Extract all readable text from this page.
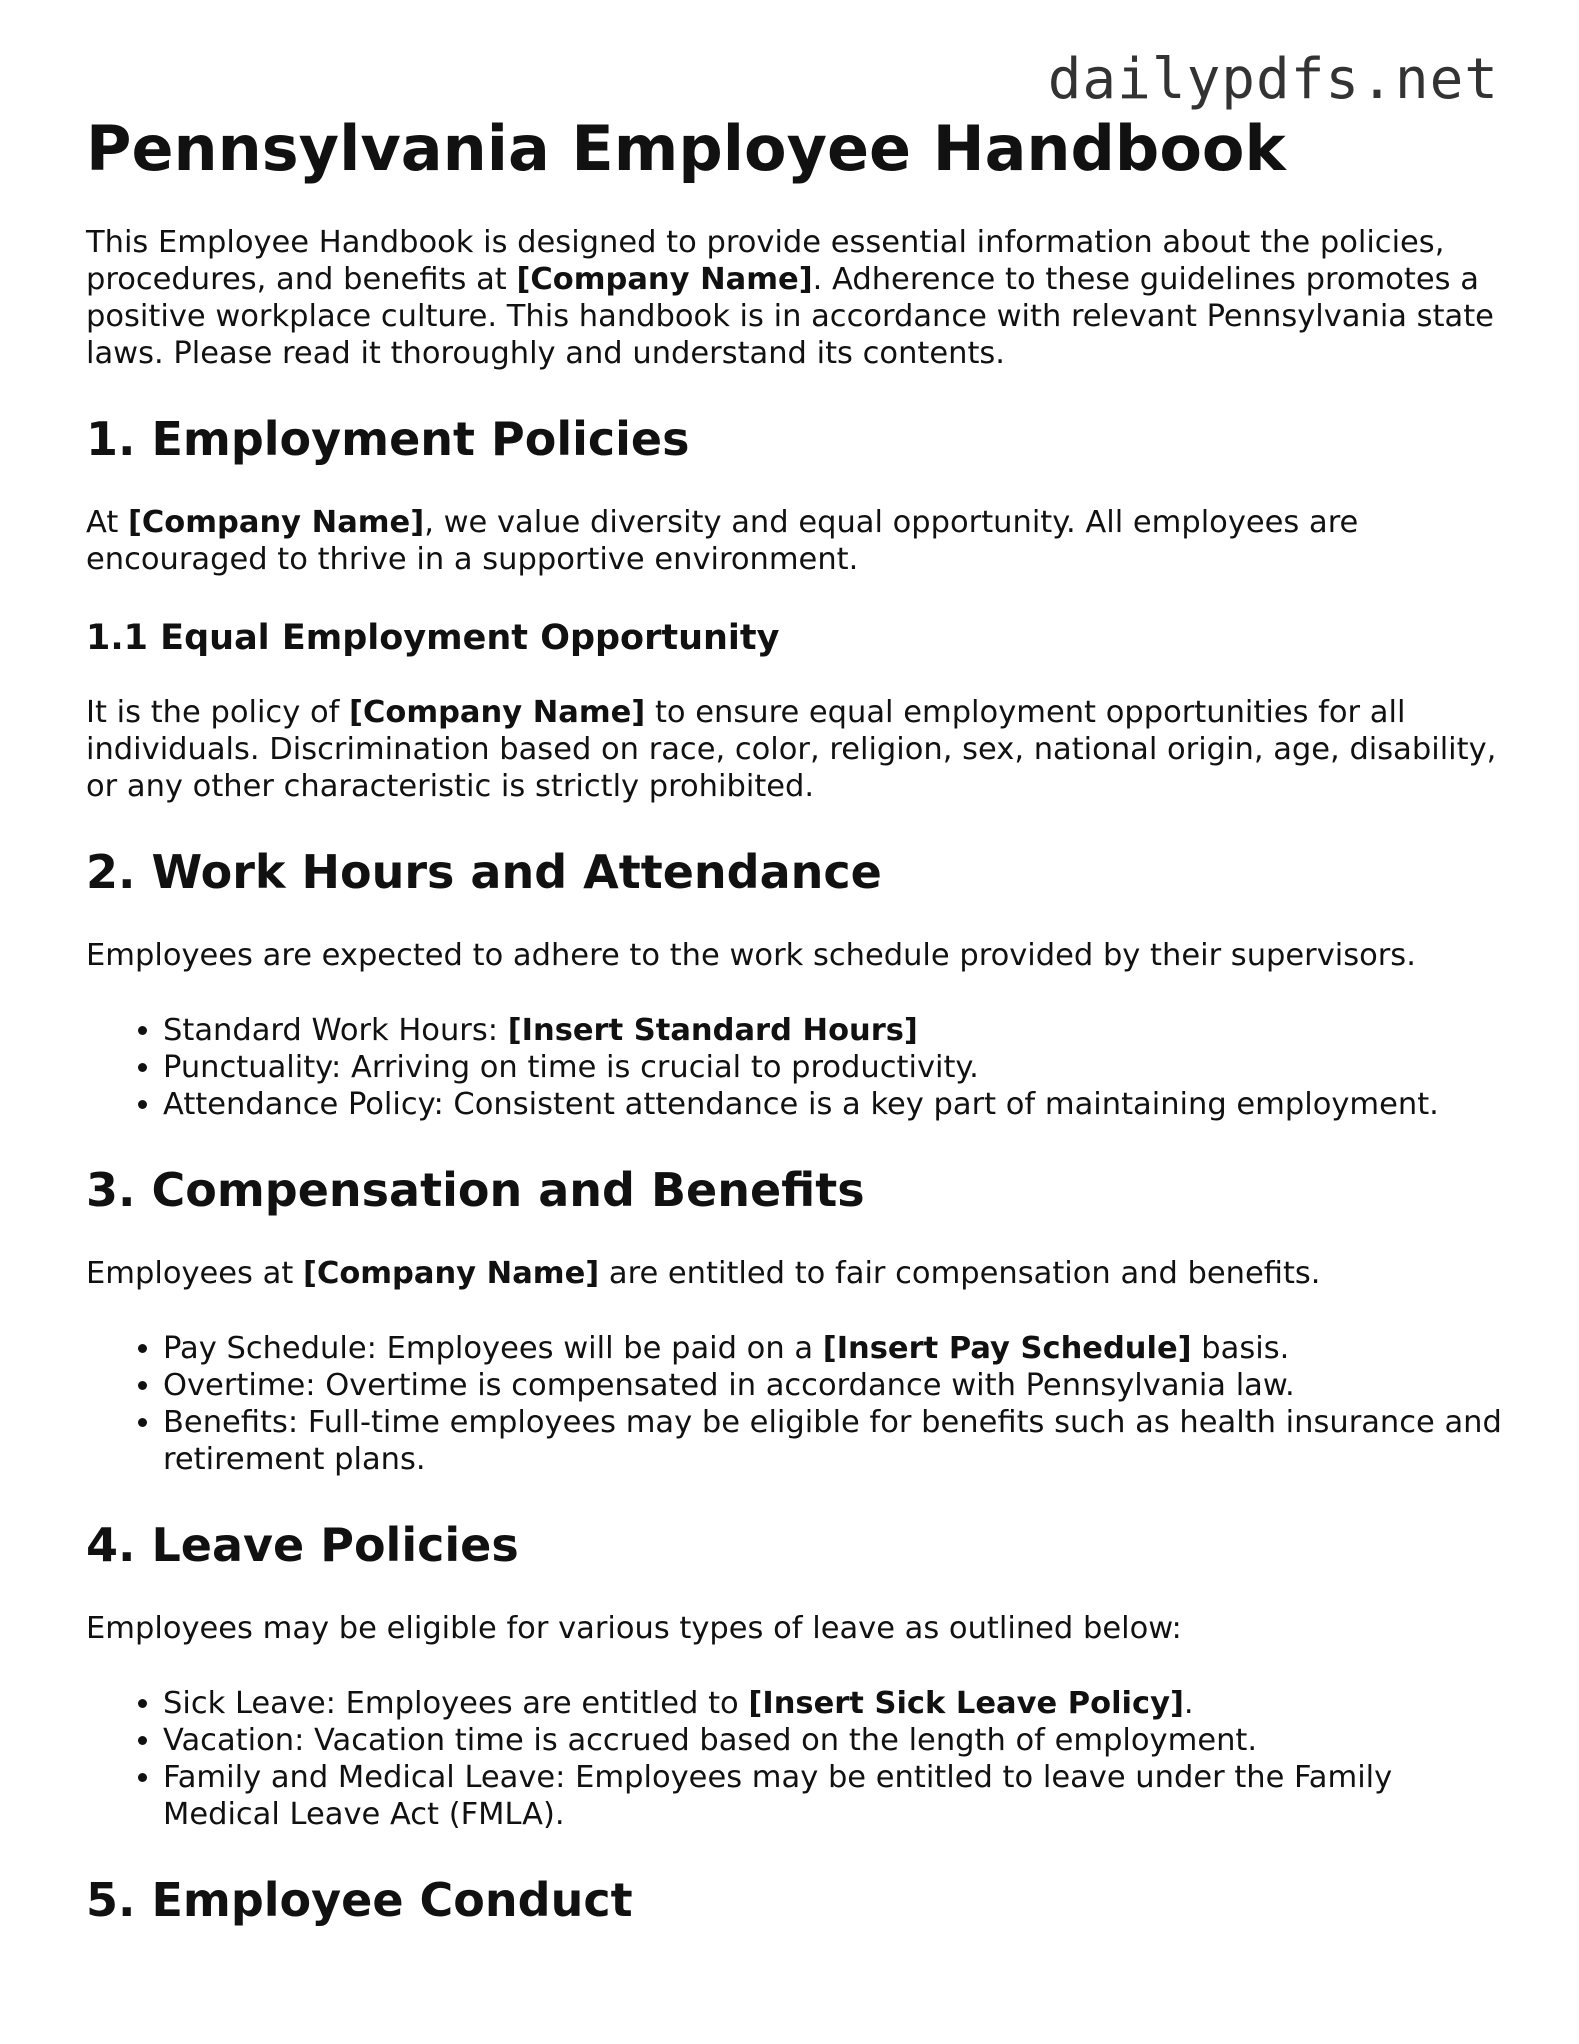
dailypdfs.net
Pennsylvania Employee Handbook

This Employee Handbook is designed to provide essential information about the policies, procedures, and benefits at [Company Name]. Adherence to these guidelines promotes a positive workplace culture. This handbook is in accordance with relevant Pennsylvania state laws. Please read it thoroughly and understand its contents.

1. Employment Policies

At [Company Name], we value diversity and equal opportunity. All employees are encouraged to thrive in a supportive environment.

1.1 Equal Employment Opportunity

It is the policy of [Company Name] to ensure equal employment opportunities for all individuals. Discrimination based on race, color, religion, sex, national origin, age, disability, or any other characteristic is strictly prohibited.

2. Work Hours and Attendance

Employees are expected to adhere to the work schedule provided by their supervisors.

• Standard Work Hours: [Insert Standard Hours]
• Punctuality: Arriving on time is crucial to productivity.
• Attendance Policy: Consistent attendance is a key part of maintaining employment.
3. Compensation and Benefits

Employees at [Company Name] are entitled to fair compensation and benefits.

• Pay Schedule: Employees will be paid on a [Insert Pay Schedule] basis.
• Overtime: Overtime is compensated in accordance with Pennsylvania law.
• Benefits: Full-time employees may be eligible for benefits such as health insurance and retirement plans.
4. Leave Policies

Employees may be eligible for various types of leave as outlined below:

• Sick Leave: Employees are entitled to [Insert Sick Leave Policy].
• Vacation: Vacation time is accrued based on the length of employment.
• Family and Medical Leave: Employees may be entitled to leave under the Family Medical Leave Act (FMLA).
5. Employee Conduct
